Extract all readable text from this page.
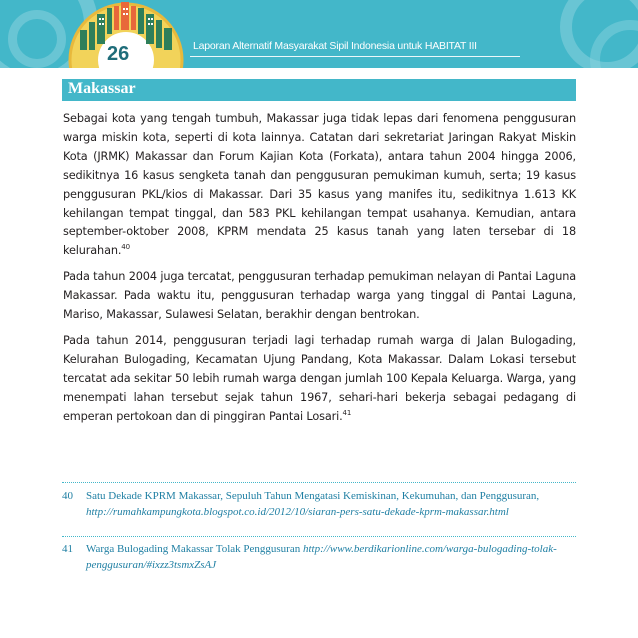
26	Laporan Alternatif Masyarakat Sipil Indonesia untuk HABITAT III
Makassar

Sebagai kota yang tengah tumbuh, Makassar juga tidak lepas dari fenomena penggusuran warga miskin kota, seperti di kota lainnya. Catatan dari sekretariat Jaringan Rakyat Miskin Kota (JRMK) Makassar dan Forum Kajian Kota (Forkata), antara tahun 2004 hingga 2006, sedikitnya 16 kasus sengketa tanah dan penggusuran pemukiman kumuh, serta; 19 kasus penggusuran PKL/kios di Makassar. Dari 35 kasus yang manifes itu, sedikitnya 1.613 KK kehilangan tempat tinggal, dan 583 PKL kehilangan tempat usahanya. Kemudian, antara september-oktober 2008, KPRM mendata 25 kasus tanah yang laten tersebar di 18 kelurahan.$^{40}$

Pada tahun 2004 juga tercatat, penggusuran terhadap pemukiman nelayan di Pantai Laguna Makassar. Pada waktu itu, penggusuran terhadap warga yang tinggal di Pantai Laguna, Mariso, Makassar, Sulawesi Selatan, berakhir dengan bentrokan.

Pada tahun 2014, penggusuran terjadi lagi terhadap rumah warga di Jalan Bulogading, Kelurahan Bulogading, Kecamatan Ujung Pandang, Kota Makassar. Dalam Lokasi tersebut tercatat ada sekitar 50 lebih rumah warga dengan jumlah 100 Kepala Keluarga. Warga, yang menempati lahan tersebut sejak tahun 1967, sehari-hari bekerja sebagai pedagang di emperan pertokoan dan di pinggiran Pantai Losari.$^{41}$

40	Satu Dekade KPRM Makassar, Sepuluh Tahun Mengatasi Kemiskinan, Kekumuhan, dan Penggusuran, http://rumahkampungkota.blogspot.co.id/2012/10/siaran-pers-satu-dekade-kprm-makassar.html
41	Warga Bulogading Makassar Tolak Penggusuran http://www.berdikarionline.com/warga-bulogading-tolak-penggusuran/#ixzz3tsmxZsAJ
